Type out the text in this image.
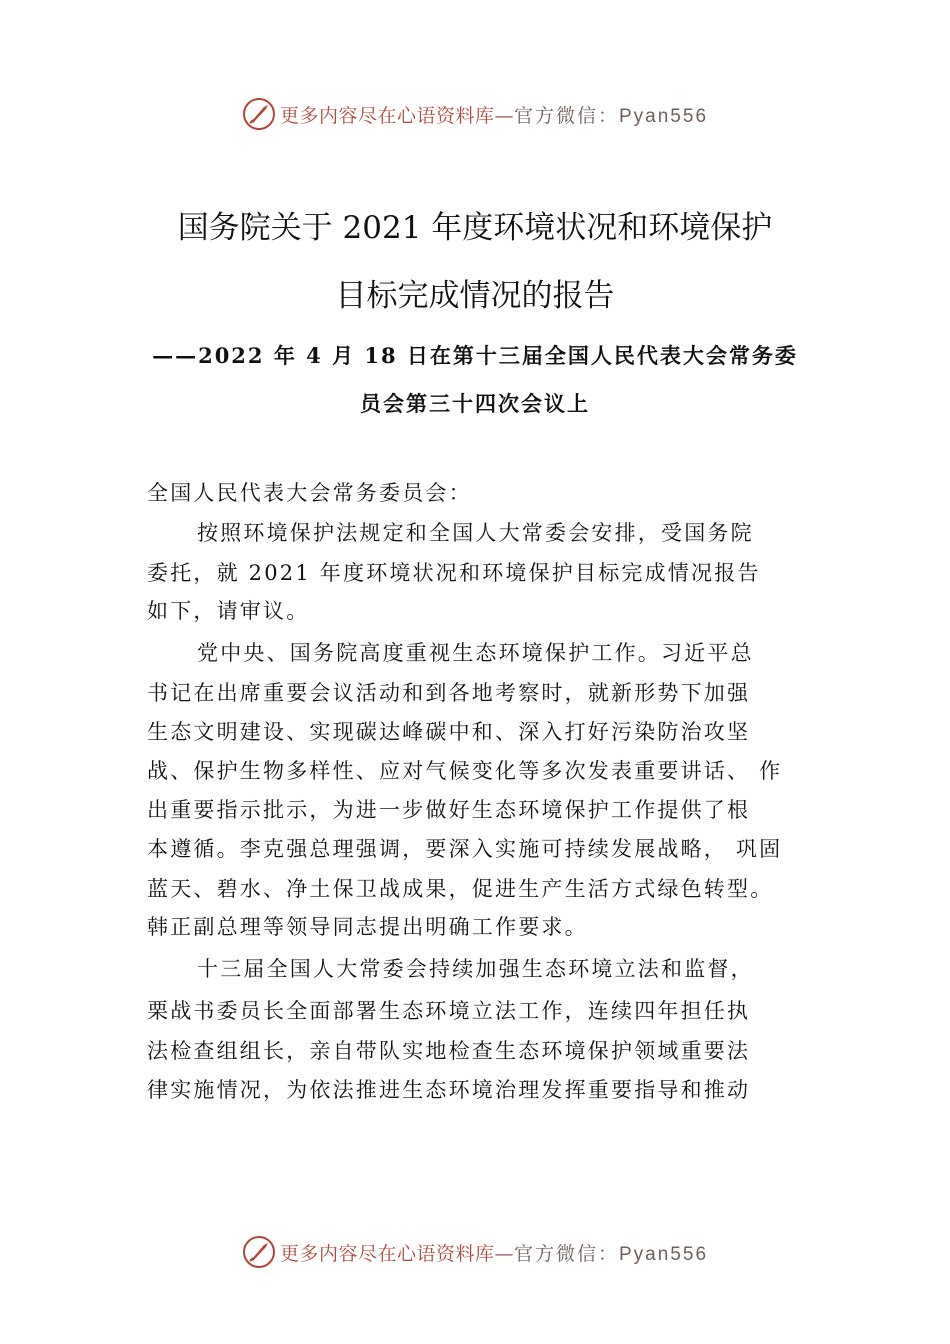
更多内容尽在心语资料库—官方微信：Pyan556
国务院关于 2021 年度环境状况和环境保护
目标完成情况的报告
——2022 年 4 月 18 日在第十三届全国人民代表大会常务委
员会第三十四次会议上
全国人民代表大会常务委员会：
按照环境保护法规定和全国人大常委会安排，受国务院
委托，就 2021 年度环境状况和环境保护目标完成情况报告
如下，请审议。
党中央、国务院高度重视生态环境保护工作。习近平总
书记在出席重要会议活动和到各地考察时，就新形势下加强
生态文明建设、实现碳达峰碳中和、深入打好污染防治攻坚
战、保护生物多样性、应对气候变化等多次发表重要讲话、 作
出重要指示批示，为进一步做好生态环境保护工作提供了根
本遵循。李克强总理强调，要深入实施可持续发展战略， 巩固
蓝天、碧水、净土保卫战成果，促进生产生活方式绿色转型。
韩正副总理等领导同志提出明确工作要求。
十三届全国人大常委会持续加强生态环境立法和监督，
栗战书委员长全面部署生态环境立法工作，连续四年担任执
法检查组组长，亲自带队实地检查生态环境保护领域重要法
律实施情况，为依法推进生态环境治理发挥重要指导和推动
更多内容尽在心语资料库—官方微信：Pyan556
